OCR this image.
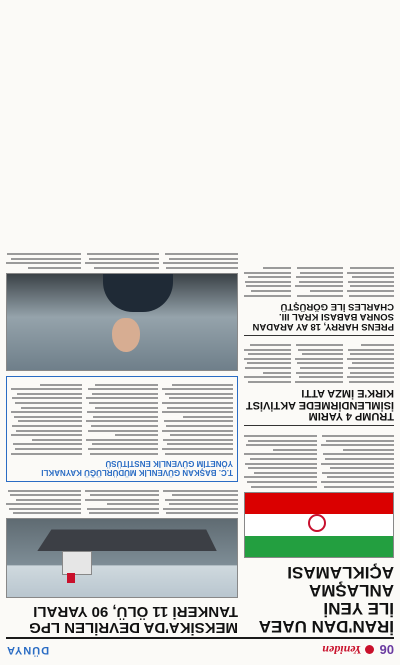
06
Yeniden
DÜNYA
İRAN'DAN UAEA İLE YENİ ANLAŞMA AÇIKLAMASI
TRUMP 4 YARIM İSİMLENDİRMEDE AKTİVİST KIRK'E İMZA ATTI
PRENS HARRY, 18 AY ARADAN SONRA BABASI KRAL III. CHARLES İLE GÖRÜŞTÜ
MEKSİKA'DA DEVRİLEN LPG TANKERİ 11 ÖLÜ, 90 YARALI
T.C. BAŞKAN GÜVENLİK MÜDÜRLÜĞÜ KAYNAKLI YÖNETİM GÜVENLİK ENSTİTÜSÜ
